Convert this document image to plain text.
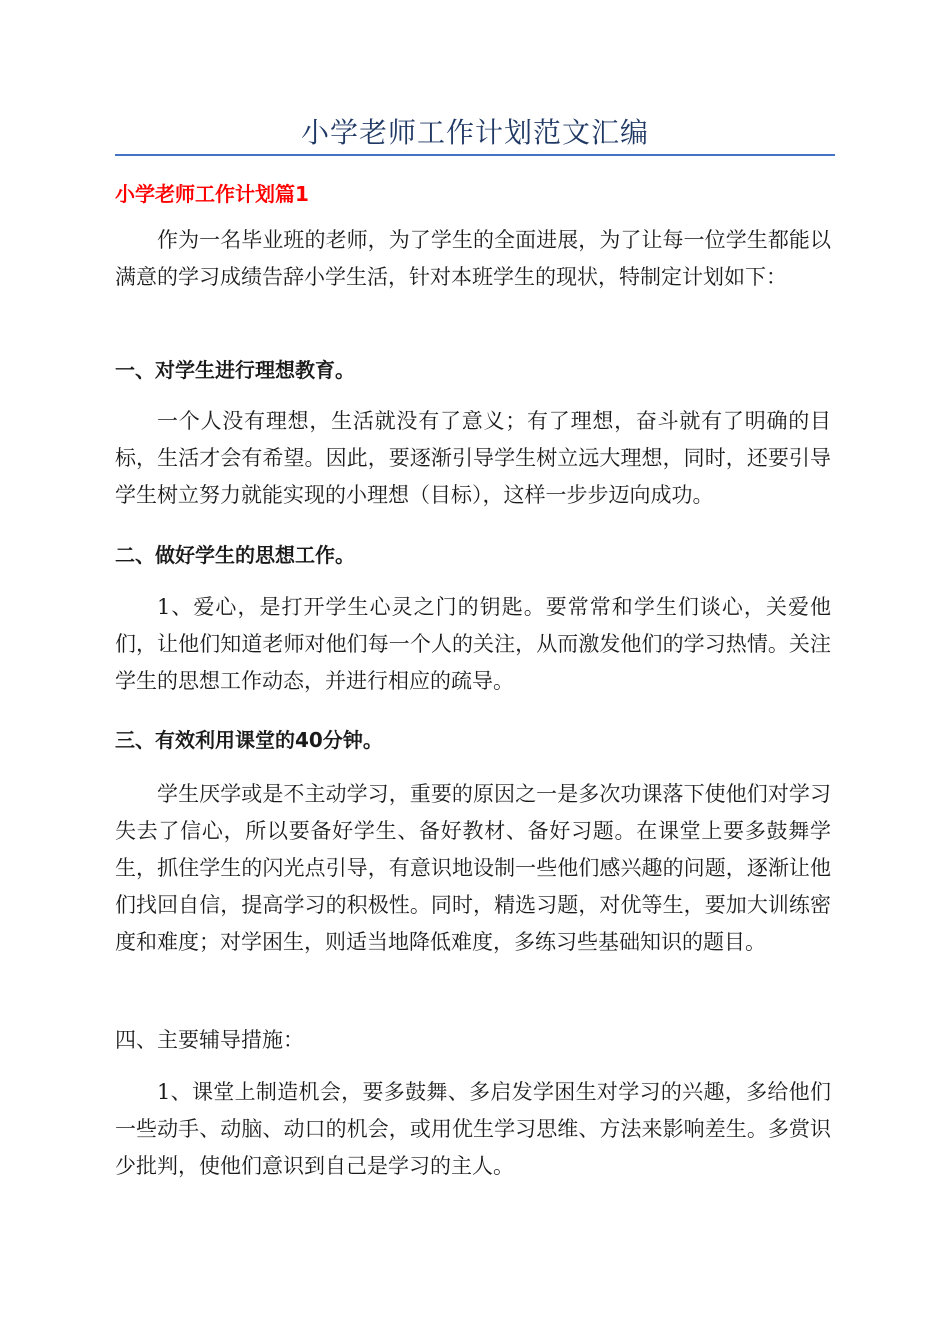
小学老师工作计划范文汇编
小学老师工作计划篇1
作为一名毕业班的老师，为了学生的全面进展，为了让每一位学生都能以满意的学习成绩告辞小学生活，针对本班学生的现状，特制定计划如下：
一、对学生进行理想教育。
一个人没有理想，生活就没有了意义；有了理想，奋斗就有了明确的目标，生活才会有希望。因此，要逐渐引导学生树立远大理想，同时，还要引导学生树立努力就能实现的小理想（目标），这样一步步迈向成功。
二、做好学生的思想工作。
1、爱心，是打开学生心灵之门的钥匙。要常常和学生们谈心，关爱他们，让他们知道老师对他们每一个人的关注，从而激发他们的学习热情。关注学生的思想工作动态，并进行相应的疏导。
三、有效利用课堂的40分钟。
学生厌学或是不主动学习，重要的原因之一是多次功课落下使他们对学习失去了信心，所以要备好学生、备好教材、备好习题。在课堂上要多鼓舞学生，抓住学生的闪光点引导，有意识地设制一些他们感兴趣的问题，逐渐让他们找回自信，提高学习的积极性。同时，精选习题，对优等生，要加大训练密度和难度；对学困生，则适当地降低难度，多练习些基础知识的题目。
四、主要辅导措施：
1、课堂上制造机会，要多鼓舞、多启发学困生对学习的兴趣，多给他们一些动手、动脑、动口的机会，或用优生学习思维、方法来影响差生。多赏识少批判，使他们意识到自己是学习的主人。
